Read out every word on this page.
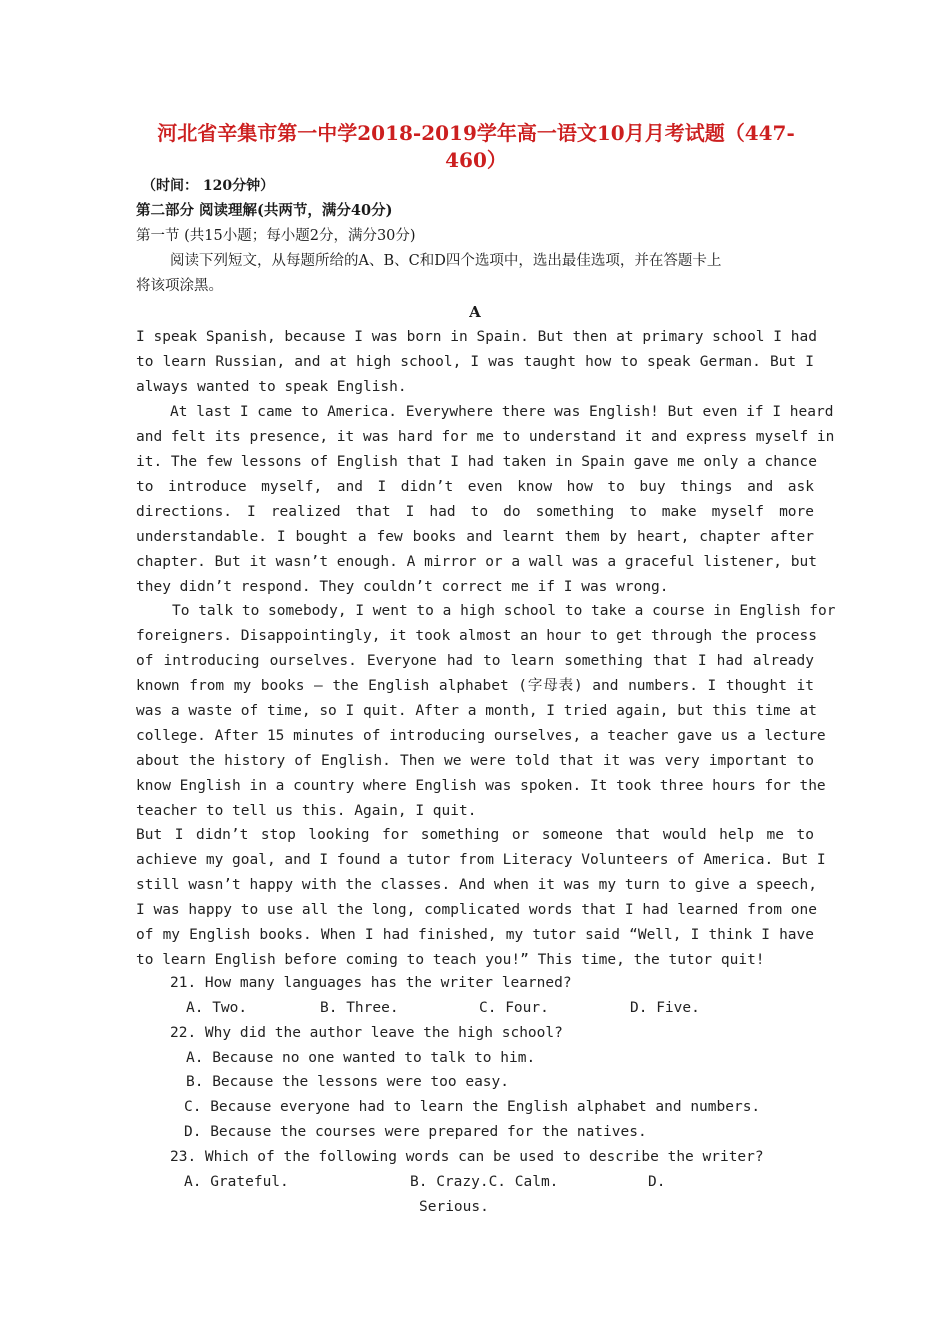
河北省辛集市第一中学2018-2019学年高一语文10月月考试题（447-
460）
（时间： 120分钟）
第二部分 阅读理解(共两节，满分40分)
第一节 (共15小题；每小题2分，满分30分)
阅读下列短文，从每题所给的A、B、C和D四个选项中，选出最佳选项，并在答题卡上
将该项涂黑。
A
I speak Spanish, because I was born in Spain. But then at primary school I had
to learn Russian, and at high school, I was taught how to speak German. But I
always wanted to speak English.
At last I came to America. Everywhere there was English! But even if I heard
and felt its presence, it was hard for me to understand it and express myself in
it. The few lessons of English that I had taken in Spain gave me only a chance
to introduce myself, and I didn’t even know how to buy things and ask
directions. I realized that I had to do something to make myself more
understandable. I bought a few books and learnt them by heart, chapter after
chapter. But it wasn’t enough. A mirror or a wall was a graceful listener, but
they didn’t respond. They couldn’t correct me if I was wrong.
To talk to somebody, I went to a high school to take a course in English for
foreigners. Disappointingly, it took almost an hour to get through the process
of introducing ourselves. Everyone had to learn something that I had already
known from my books – the English alphabet (字母表) and numbers. I thought it
was a waste of time, so I quit. After a month, I tried again, but this time at
college. After 15 minutes of introducing ourselves, a teacher gave us a lecture
about the history of English. Then we were told that it was very important to
know English in a country where English was spoken. It took three hours for the
teacher to tell us this. Again, I quit.
But I didn’t stop looking for something or someone that would help me to
achieve my goal, and I found a tutor from Literacy Volunteers of America. But I
still wasn’t happy with the classes. And when it was my turn to give a speech,
I was happy to use all the long, complicated words that I had learned from one
of my English books. When I had finished, my tutor said “Well, I think I have
to learn English before coming to teach you!” This time, the tutor quit!
21. How many languages has the writer learned?
A. Two.	B. Three.	C. Four.	D. Five.
22. Why did the author leave the high school?
A. Because no one wanted to talk to him.
B. Because the lessons were too easy.
C. Because everyone had to learn the English alphabet and numbers.
D. Because the courses were prepared for the natives.
23. Which of the following words can be used to describe the writer?
A. Grateful.	B. Crazy.C. Calm.	D.
Serious.
